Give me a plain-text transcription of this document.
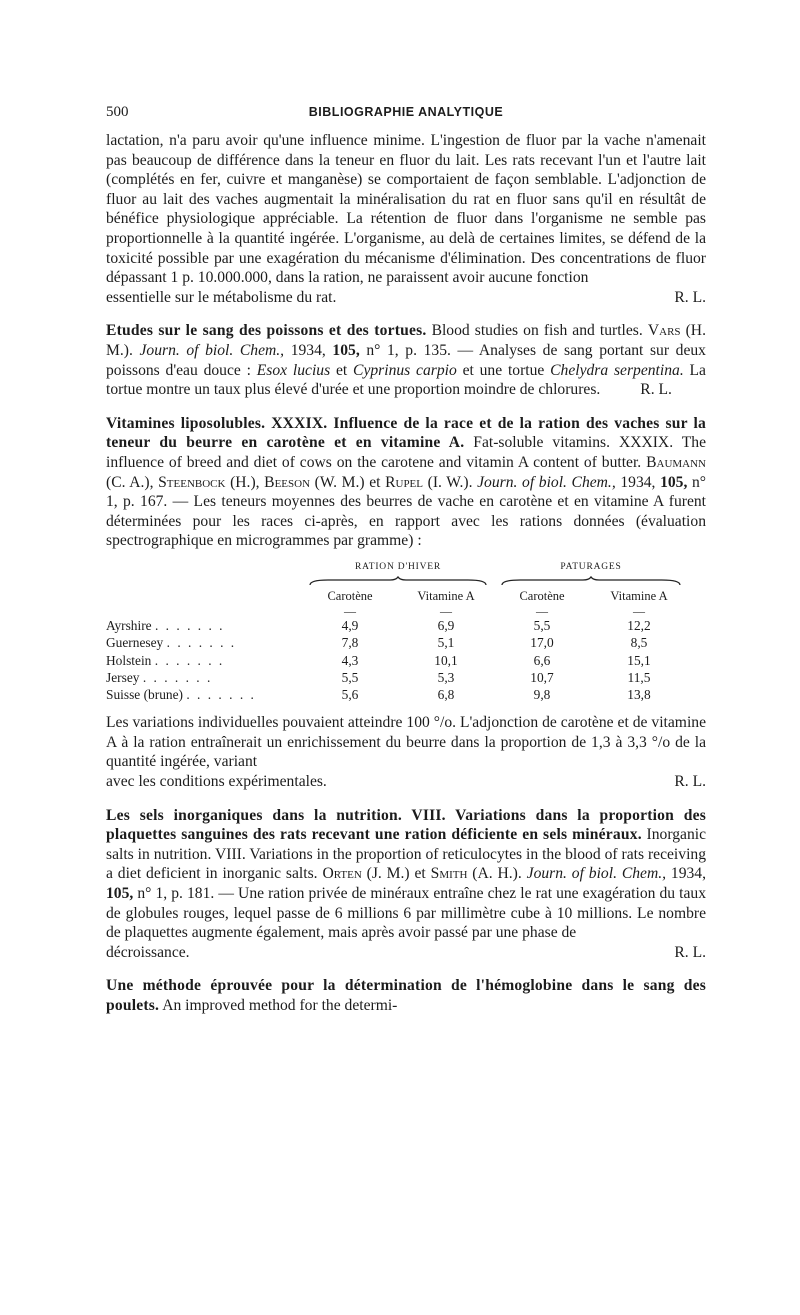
500	BIBLIOGRAPHIE ANALYTIQUE

lactation, n'a paru avoir qu'une influence minime. L'ingestion de fluor par la vache n'amenait pas beaucoup de différence dans la teneur en fluor du lait. Les rats recevant l'un et l'autre lait (complétés en fer, cuivre et manganèse) se comportaient de façon semblable. L'adjonction de fluor au lait des vaches augmentait la minéralisation du rat en fluor sans qu'il en résultât de bénéfice physiologique appréciable. La rétention de fluor dans l'organisme ne semble pas proportionnelle à la quantité ingérée. L'organisme, au delà de certaines limites, se défend de la toxicité possible par une exagération du mécanisme d'élimination. Des concentrations de fluor dépassant 1 p. 10.000.000, dans la ration, ne paraissent avoir aucune fonction

essentielle sur le métabolisme du rat.	R. L.

Etudes sur le sang des poissons et des tortues. Blood studies on fish and turtles. Vars (H. M.). Journ. of biol. Chem., 1934, 105, n° 1, p. 135. — Analyses de sang portant sur deux poissons d'eau douce : Esox lucius et Cyprinus carpio et une tortue Chelydra serpentina. La tortue montre un taux plus élevé d'urée et une proportion moindre de chlorures.	R. L.

Vitamines liposolubles. XXXIX. Influence de la race et de la ration des vaches sur la teneur du beurre en carotène et en vitamine A. Fat-soluble vitamins. XXXIX. The influence of breed and diet of cows on the carotene and vitamin A content of butter. Baumann (C. A.), Steenbock (H.), Beeson (W. M.) et Rupel (I. W.). Journ. of biol. Chem., 1934, 105, n° 1, p. 167. — Les teneurs moyennes des beurres de vache en carotène et en vitamine A furent déterminées pour les races ci-après, en rapport avec les rations données (évaluation spectrographique en microgrammes par gramme) :

	RATION D'HIVER		PATURAGES	

	Carotène	Vitamine A	Carotène	Vitamine A
	—	—	—	—
Ayrshire . . . . . . .	4,9	6,9	5,5	12,2
Guernesey . . . . . . .	7,8	5,1	17,0	8,5
Holstein . . . . . . .	4,3	10,1	6,6	15,1
Jersey . . . . . . .	5,5	5,3	10,7	11,5
Suisse (brune) . . . . . . .	5,6	6,8	9,8	13,8

Les variations individuelles pouvaient atteindre 100 °/o. L'adjonction de carotène et de vitamine A à la ration entraînerait un enrichissement du beurre dans la proportion de 1,3 à 3,3 °/o de la quantité ingérée, variant

avec les conditions expérimentales.	R. L.

Les sels inorganiques dans la nutrition. VIII. Variations dans la proportion des plaquettes sanguines des rats recevant une ration déficiente en sels minéraux. Inorganic salts in nutrition. VIII. Variations in the proportion of reticulocytes in the blood of rats receiving a diet deficient in inorganic salts. Orten (J. M.) et Smith (A. H.). Journ. of biol. Chem., 1934, 105, n° 1, p. 181. — Une ration privée de minéraux entraîne chez le rat une exagération du taux de globules rouges, lequel passe de 6 millions 6 par millimètre cube à 10 millions. Le nombre de plaquettes augmente également, mais après avoir passé par une phase de

décroissance.	R. L.

Une méthode éprouvée pour la détermination de l'hémoglobine dans le sang des poulets. An improved method for the determi-
